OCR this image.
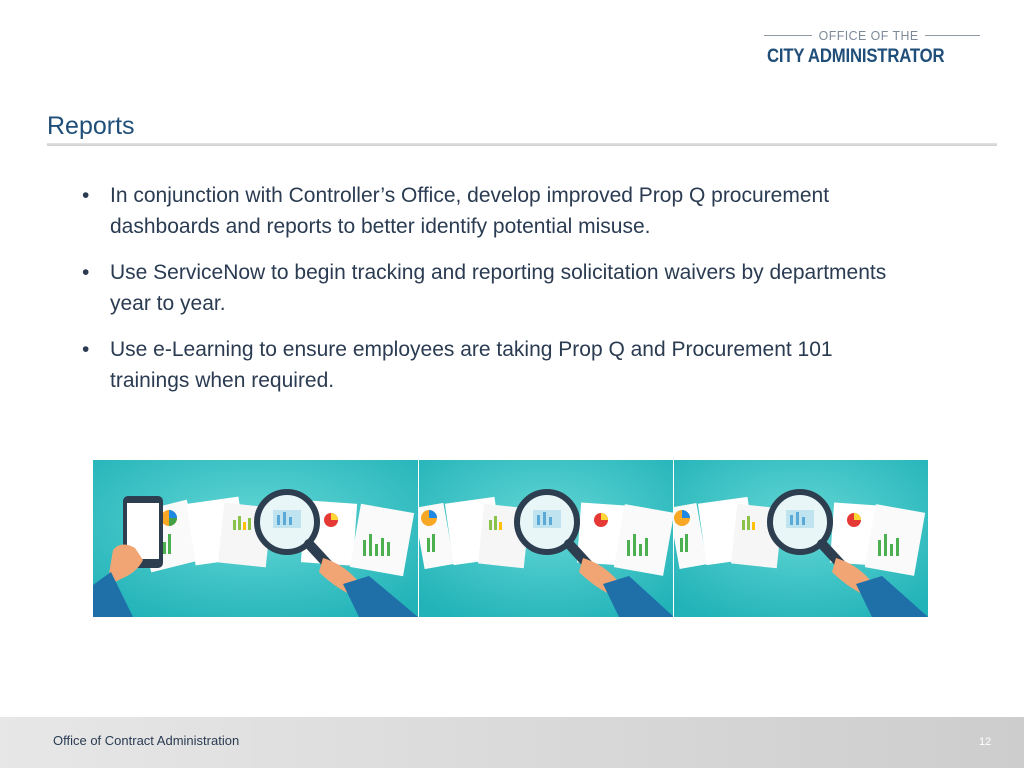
OFFICE OF THE
CITY ADMINISTRATOR
Reports
• In conjunction with Controller’s Office, develop improved Prop Q procurement dashboards and reports to better identify potential misuse.
• Use ServiceNow to begin tracking and reporting solicitation waivers by departments year to year.
• Use e-Learning to ensure employees are taking Prop Q and Procurement 101 trainings when required.
Office of Contract Administration	12
